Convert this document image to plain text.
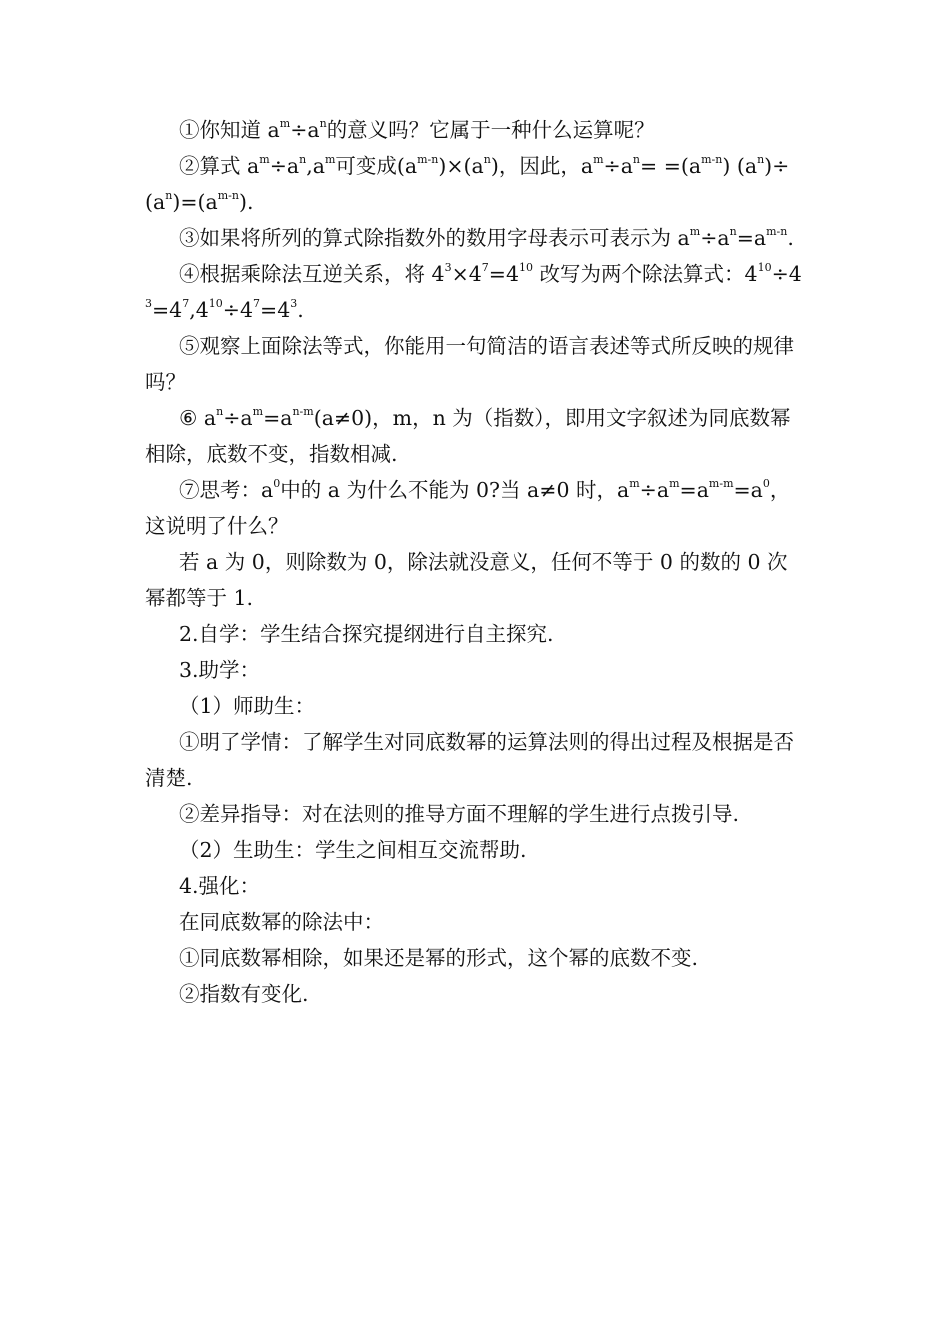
①你知道 $a^m\div a^n$的意义吗？它属于一种什么运算呢？

②算式 $a^m\div a^n,a^m$可变成$(a^{m-n})\times(a^n)$，因此，$a^m\div a^n= =(a^{m-n})$ $(a^n)\div(a^n)=(a^{m-n})$.

③如果将所列的算式除指数外的数用字母表示可表示为 $a^m\div a^n=a^{m-n}$.

④根据乘除法互逆关系，将 $4^3\times 4^7=4^{10}$ 改写为两个除法算式：$4^{10}\div 4^3=4^7,4^{10}\div 4^7=4^3$.

⑤观察上面除法等式，你能用一句简洁的语言表述等式所反映的规律吗？

⑥ $a^n\div a^m=a^{n-m}(a\ne 0)$，m，n 为（指数），即用文字叙述为同底数幂相除，底数不变，指数相减.

⑦思考：$a^0$中的 a 为什么不能为 0?当 a≠0 时，$a^m\div a^m=a^{m-m}=a^0$，这说明了什么？

若 a 为 0，则除数为 0，除法就没意义，任何不等于 0 的数的 0 次幂都等于 1.

2.自学：学生结合探究提纲进行自主探究.

3.助学：

（1）师助生：

①明了学情：了解学生对同底数幂的运算法则的得出过程及根据是否清楚.

②差异指导：对在法则的推导方面不理解的学生进行点拨引导.

（2）生助生：学生之间相互交流帮助.

4.强化：

在同底数幂的除法中：

①同底数幂相除，如果还是幂的形式，这个幂的底数不变.

②指数有变化.
